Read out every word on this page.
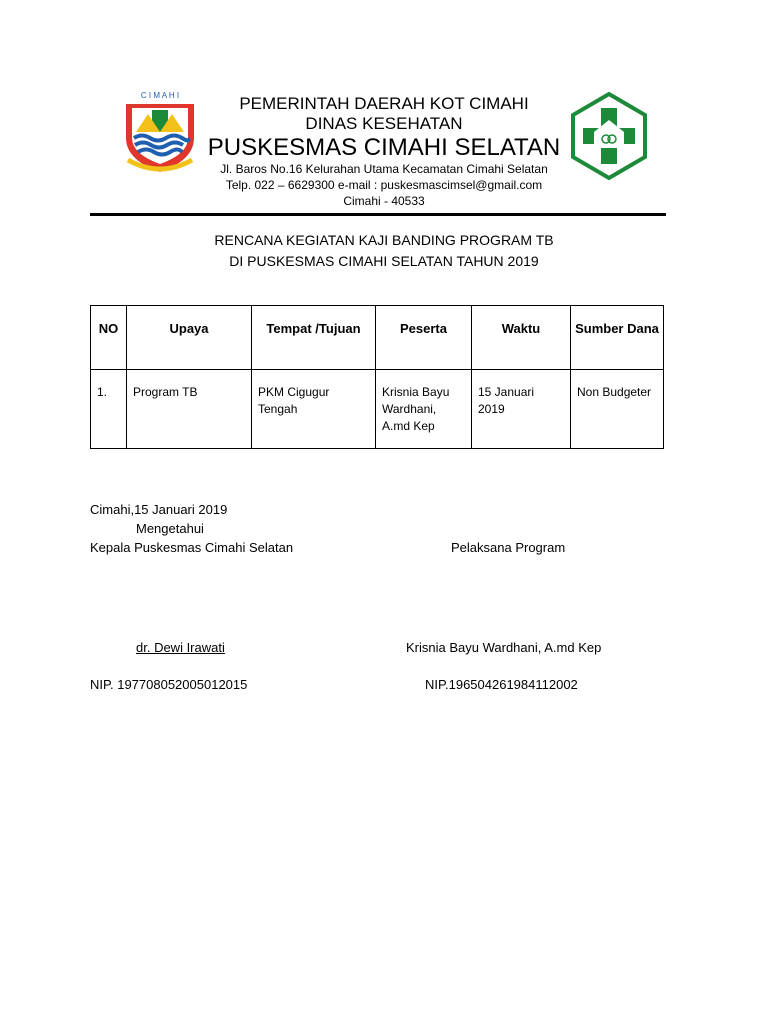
C I M A H I	PEMERINTAH DAERAH KOT CIMAHI
DINAS KESEHATAN
PUSKESMAS CIMAHI SELATAN
Jl. Baros No.16 Kelurahan Utama Kecamatan Cimahi Selatan
Telp. 022 – 6629300 e-mail : puskesmascimsel@gmail.com
Cimahi - 40533
RENCANA KEGIATAN KAJI BANDING PROGRAM TB
DI PUSKESMAS CIMAHI SELATAN TAHUN 2019
NO	Upaya	Tempat /Tujuan	Peserta	Waktu	Sumber Dana
1.	Program TB	PKM Cigugur Tengah	Krisnia Bayu Wardhani, A.md Kep	15 Januari 2019	Non Budgeter
Cimahi,15 Januari 2019
Mengetahui
Kepala Puskesmas Cimahi Selatan	Pelaksana Program
dr. Dewi Irawati	Krisnia Bayu Wardhani, A.md Kep
NIP. 197708052005012015	NIP.196504261984112002
